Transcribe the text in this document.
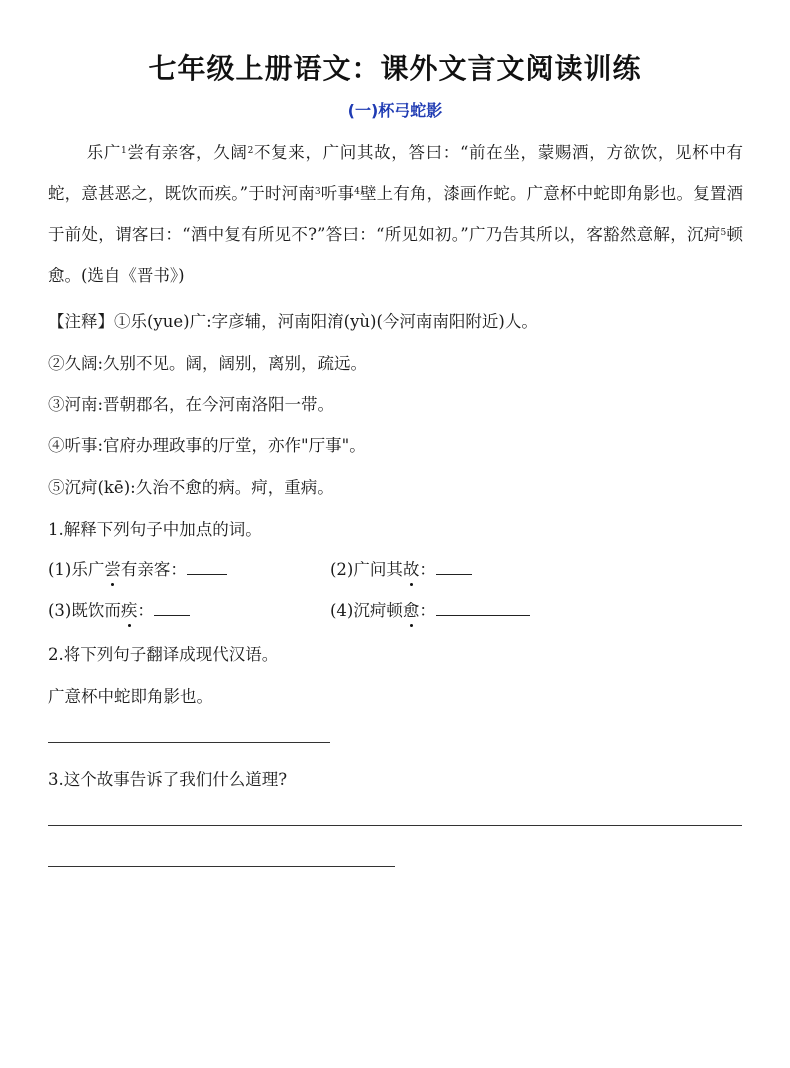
七年级上册语文：课外文言文阅读训练
(一)杯弓蛇影
乐广$^1$尝有亲客，久阔$^2$不复来，广问其故，答曰：“前在坐，蒙赐酒，方欲饮，见杯中有蛇，意甚恶之，既饮而疾。”于时河南$^3$听事$^4$壁上有角，漆画作蛇。广意杯中蛇即角影也。复置酒于前处，谓客曰：“酒中复有所见不?”答曰：“所见如初。”广乃告其所以，客豁然意解，沉疴$^5$顿愈。(选自《晋书》)
【注释】①乐(yue)广:字彦辅，河南阳淯(yù)(今河南南阳附近)人。
②久阔:久别不见。阔，阔别，离别，疏远。
③河南:晋朝郡名，在今河南洛阳一带。
④听事:官府办理政事的厅堂，亦作"厅事"。
⑤沉疴(kē):久治不愈的病。疴，重病。
1.解释下列句子中加点的词。
(1)乐广尝有亲客：	(2)广问其故：
(3)既饮而疾：	(4)沉疴顿愈：
2.将下列句子翻译成现代汉语。
广意杯中蛇即角影也。
3.这个故事告诉了我们什么道理?
